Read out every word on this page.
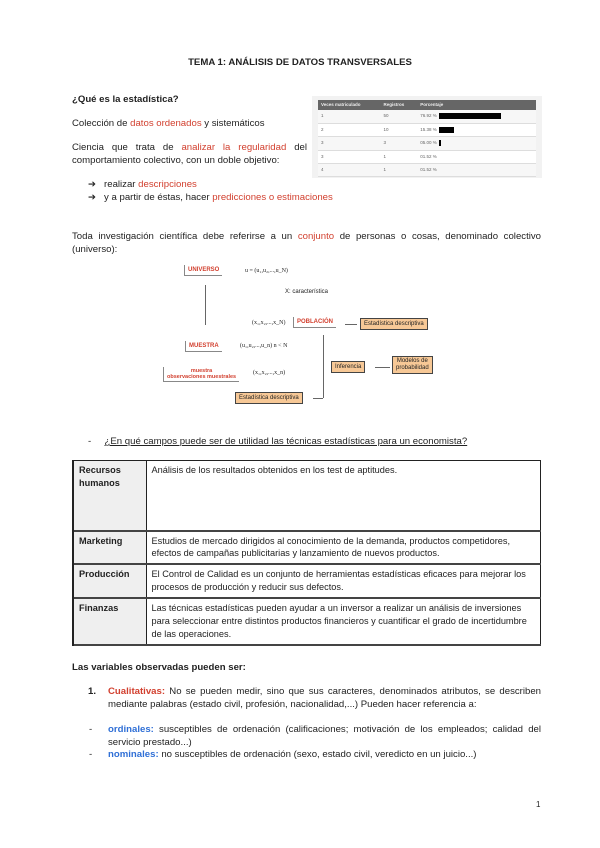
TEMA 1: ANÁLISIS DE DATOS TRANSVERSALES
¿Qué es la estadística?
Colección de datos ordenados y sistemáticos
Ciencia que trata de analizar la regularidad del comportamiento colectivo, con un doble objetivo:
➔ realizar descripciones
➔ y a partir de éstas, hacer predicciones o estimaciones
Veces matriculado	Registros	Porcentaje
1	50	76.92 %
2	10	15.38 %
3	3	05.00 %
3	1	01.52 %
4	1	01.52 %
Toda investigación científica debe referirse a un conjunto de personas o cosas, denominado colectivo (universo):
UNIVERSO	u = (u₁,u₂,...,u_N)
X: característica
(x₁,x₂,...,x_N)	POBLACIÓN	Estadística descriptiva
MUESTRA	(u₁,u₂,...,u_n) n < N
muestra
observaciones muestrales
(x₁,x₂,...,x_n)
Inferencia
Modelos de
probabilidad
Estadística descriptiva
- ¿En qué campos puede ser de utilidad las técnicas estadísticas para un economista?
Recursos humanos	Análisis de los resultados obtenidos en los test de aptitudes.
Marketing	Estudios de mercado dirigidos al conocimiento de la demanda, productos competidores, efectos de campañas publicitarias y lanzamiento de nuevos productos.
Producción	El Control de Calidad es un conjunto de herramientas estadísticas eficaces para mejorar los procesos de producción y reducir sus defectos.
Finanzas	Las técnicas estadísticas pueden ayudar a un inversor a realizar un análisis de inversiones para seleccionar entre distintos productos financieros y cuantificar el grado de incertidumbre de las operaciones.
Las variables observadas pueden ser:
1. Cualitativas: No se pueden medir, sino que sus caracteres, denominados atributos, se describen mediante palabras (estado civil, profesión, nacionalidad,...) Pueden hacer referencia a:
- ordinales: susceptibles de ordenación (calificaciones; motivación de los empleados; calidad del servicio prestado...)
- nominales: no susceptibles de ordenación (sexo, estado civil, veredicto en un juicio...)
1
